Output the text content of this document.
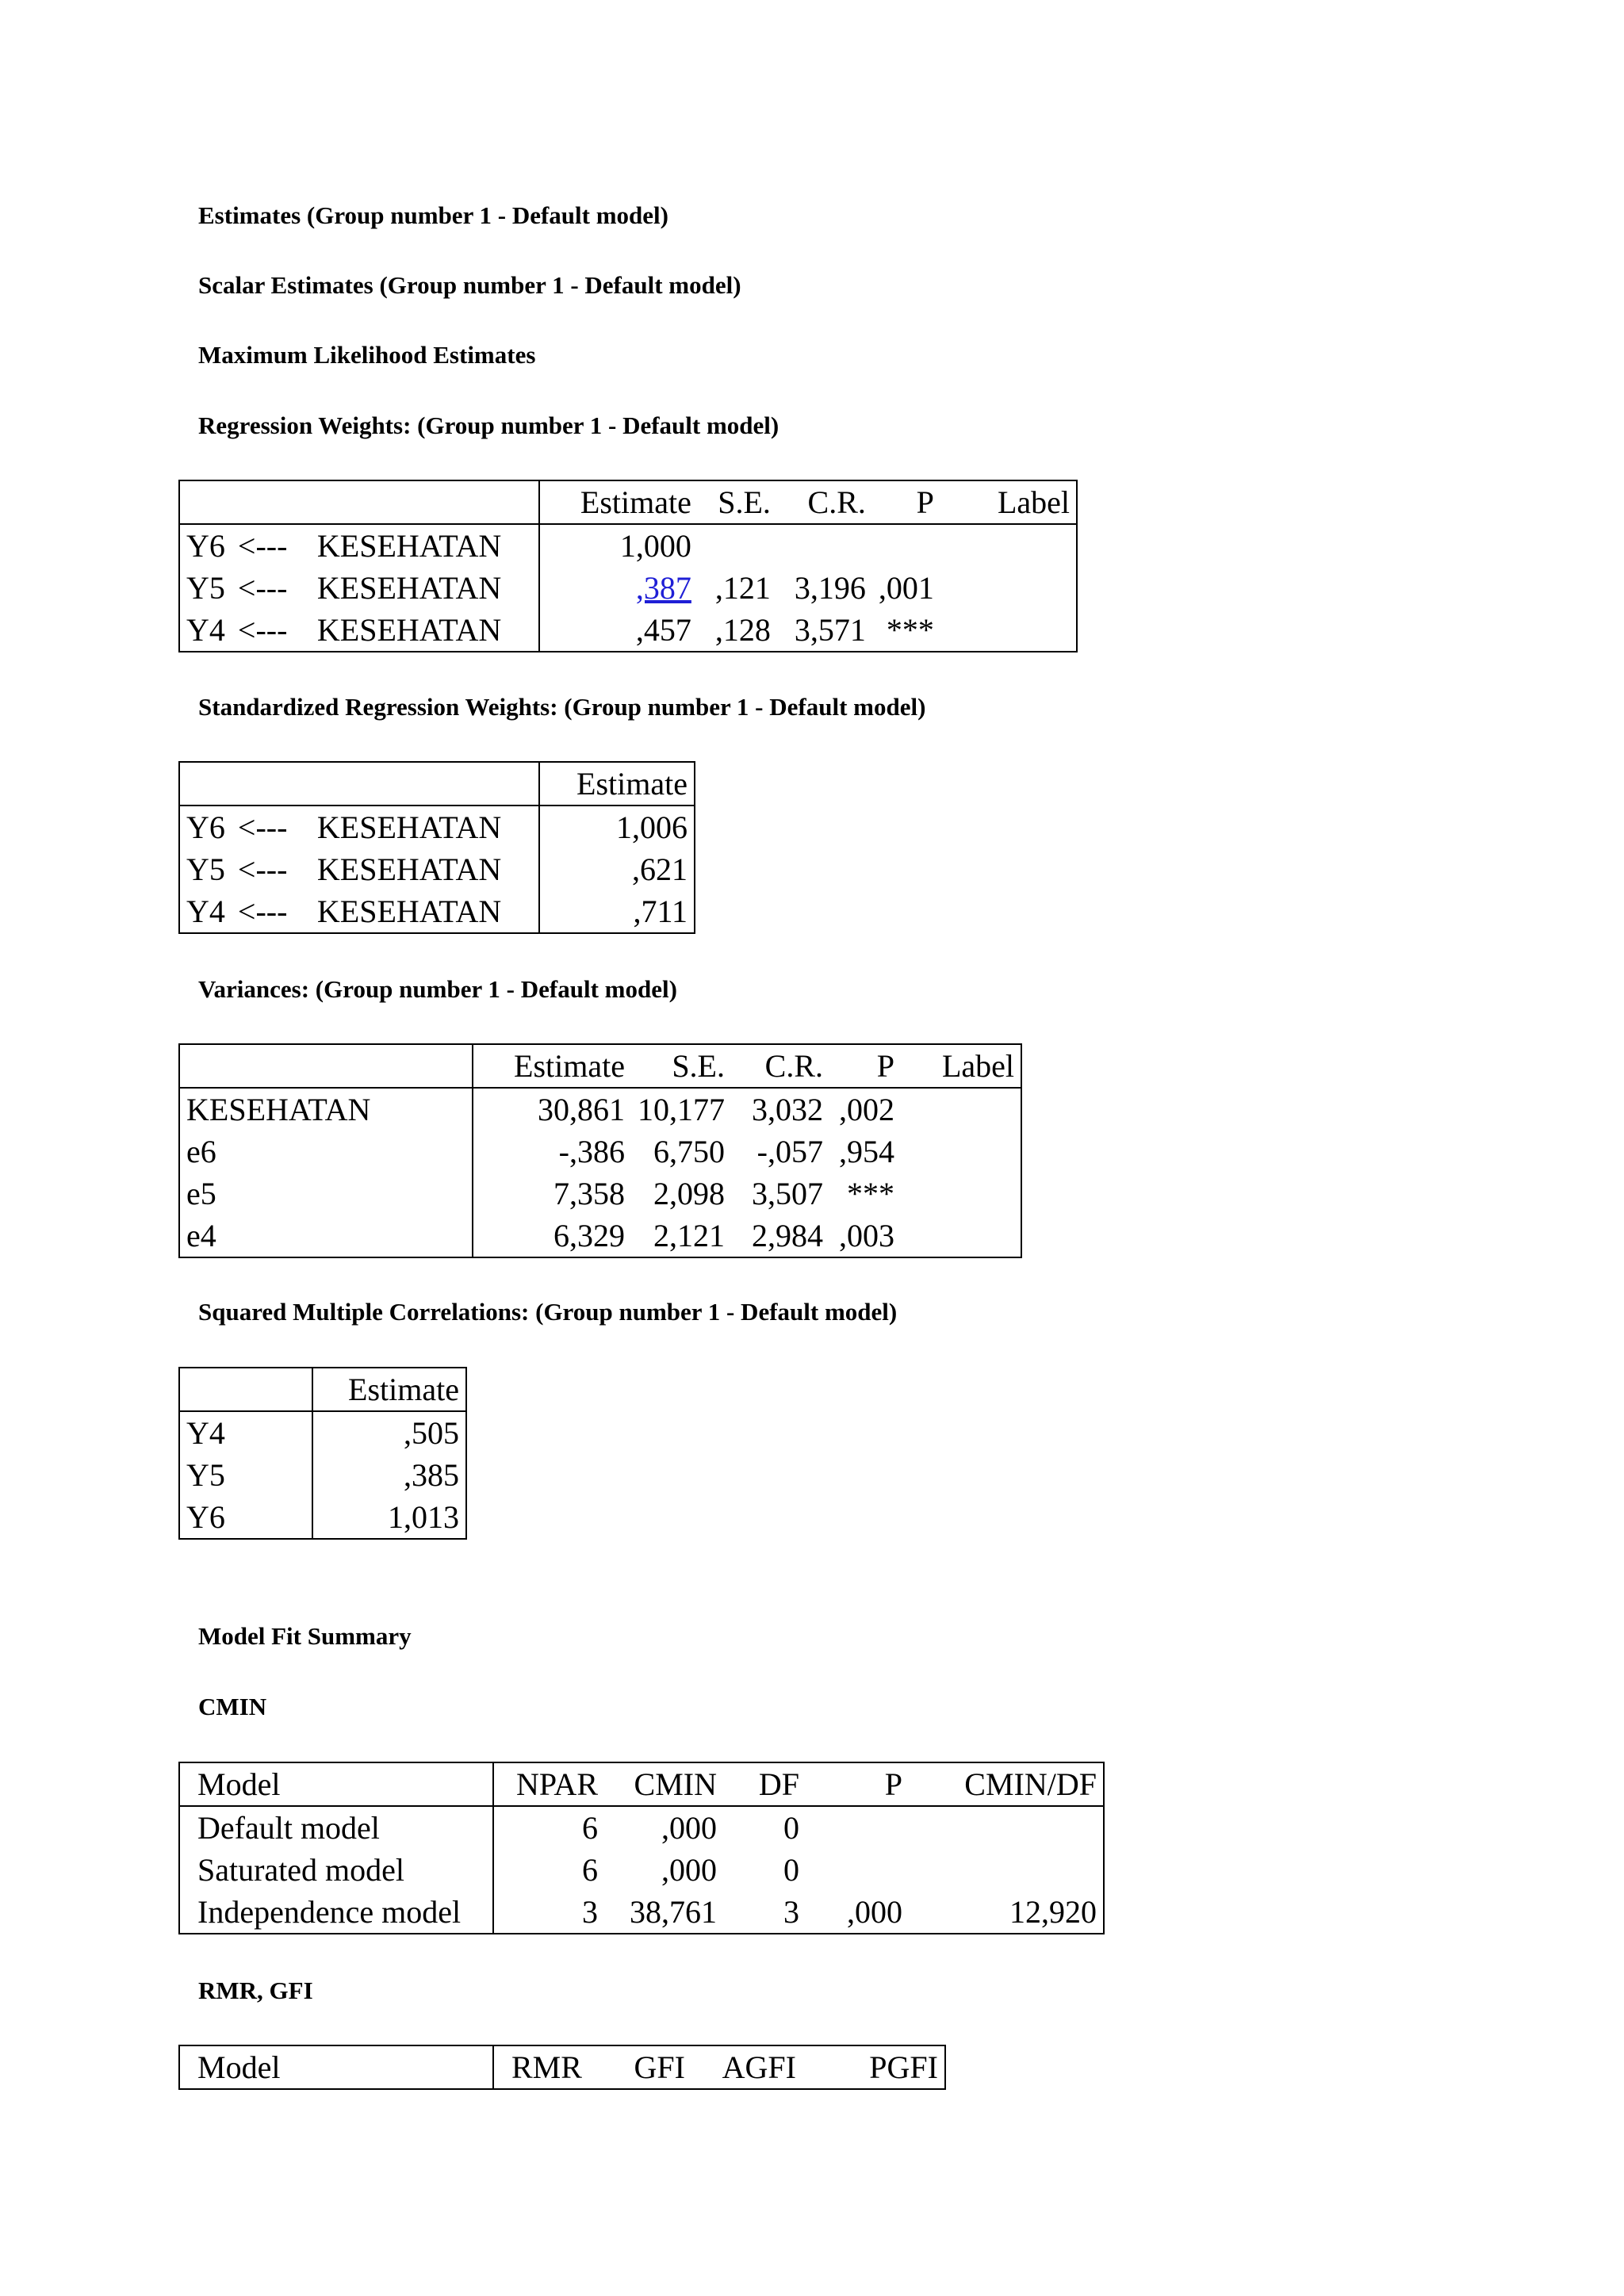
Estimates (Group number 1 - Default model)

Scalar Estimates (Group number 1 - Default model)

Maximum Likelihood Estimates

Regression Weights: (Group number 1 - Default model)

			Estimate	S.E.	C.R.	P	Label
Y6	<---	KESEHATAN	1,000				
Y5	<---	KESEHATAN	,387	,121	3,196	,001	
Y4	<---	KESEHATAN	,457	,128	3,571	***	

Standardized Regression Weights: (Group number 1 - Default model)

			Estimate
Y6	<---	KESEHATAN	1,006
Y5	<---	KESEHATAN	,621
Y4	<---	KESEHATAN	,711

Variances: (Group number 1 - Default model)

	Estimate	S.E.	C.R.	P	Label
KESEHATAN	30,861	10,177	3,032	,002	
e6	-,386	6,750	-,057	,954	
e5	7,358	2,098	3,507	***	
e4	6,329	2,121	2,984	,003	

Squared Multiple Correlations: (Group number 1 - Default model)

	Estimate
Y4	,505
Y5	,385
Y6	1,013

Model Fit Summary

CMIN

Model	NPAR	CMIN	DF	P	CMIN/DF
Default model	6	,000	0		
Saturated model	6	,000	0		
Independence model	3	38,761	3	,000	12,920

RMR, GFI

Model	RMR	GFI	AGFI	PGFI
